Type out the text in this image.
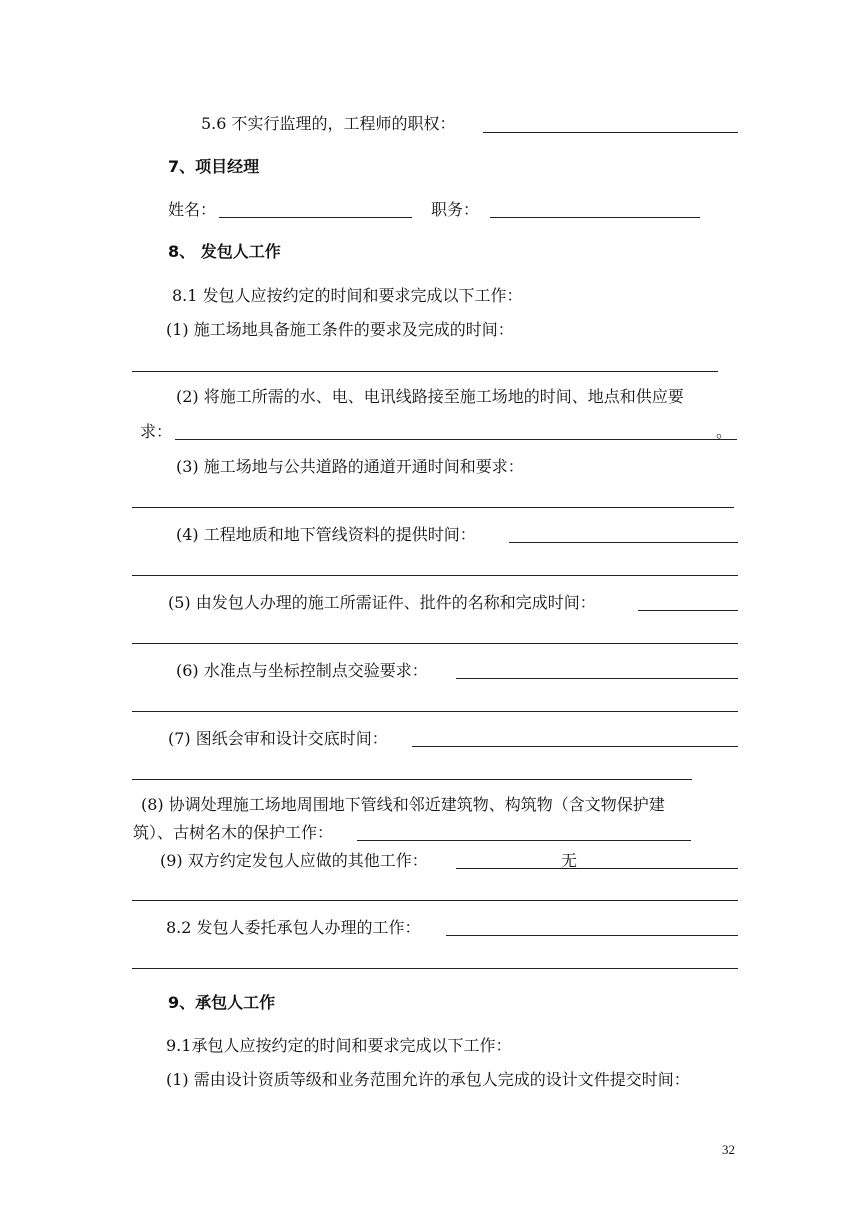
5.6 不实行监理的，工程师的职权：
7、项目经理
姓名：	职务：
8、 发包人工作
8.1 发包人应按约定的时间和要求完成以下工作：
(1) 施工场地具备施工条件的要求及完成的时间：
(2) 将施工所需的水、电、电讯线路接至施工场地的时间、地点和供应要
求：	。
(3) 施工场地与公共道路的通道开通时间和要求：
(4) 工程地质和地下管线资料的提供时间：
(5) 由发包人办理的施工所需证件、批件的名称和完成时间：
(6) 水准点与坐标控制点交验要求：
(7) 图纸会审和设计交底时间：
(8) 协调处理施工场地周围地下管线和邻近建筑物、构筑物（含文物保护建
筑）、古树名木的保护工作：
(9) 双方约定发包人应做的其他工作：	无
8.2 发包人委托承包人办理的工作：
9、承包人工作
9.1承包人应按约定的时间和要求完成以下工作：
(1) 需由设计资质等级和业务范围允许的承包人完成的设计文件提交时间：
32
